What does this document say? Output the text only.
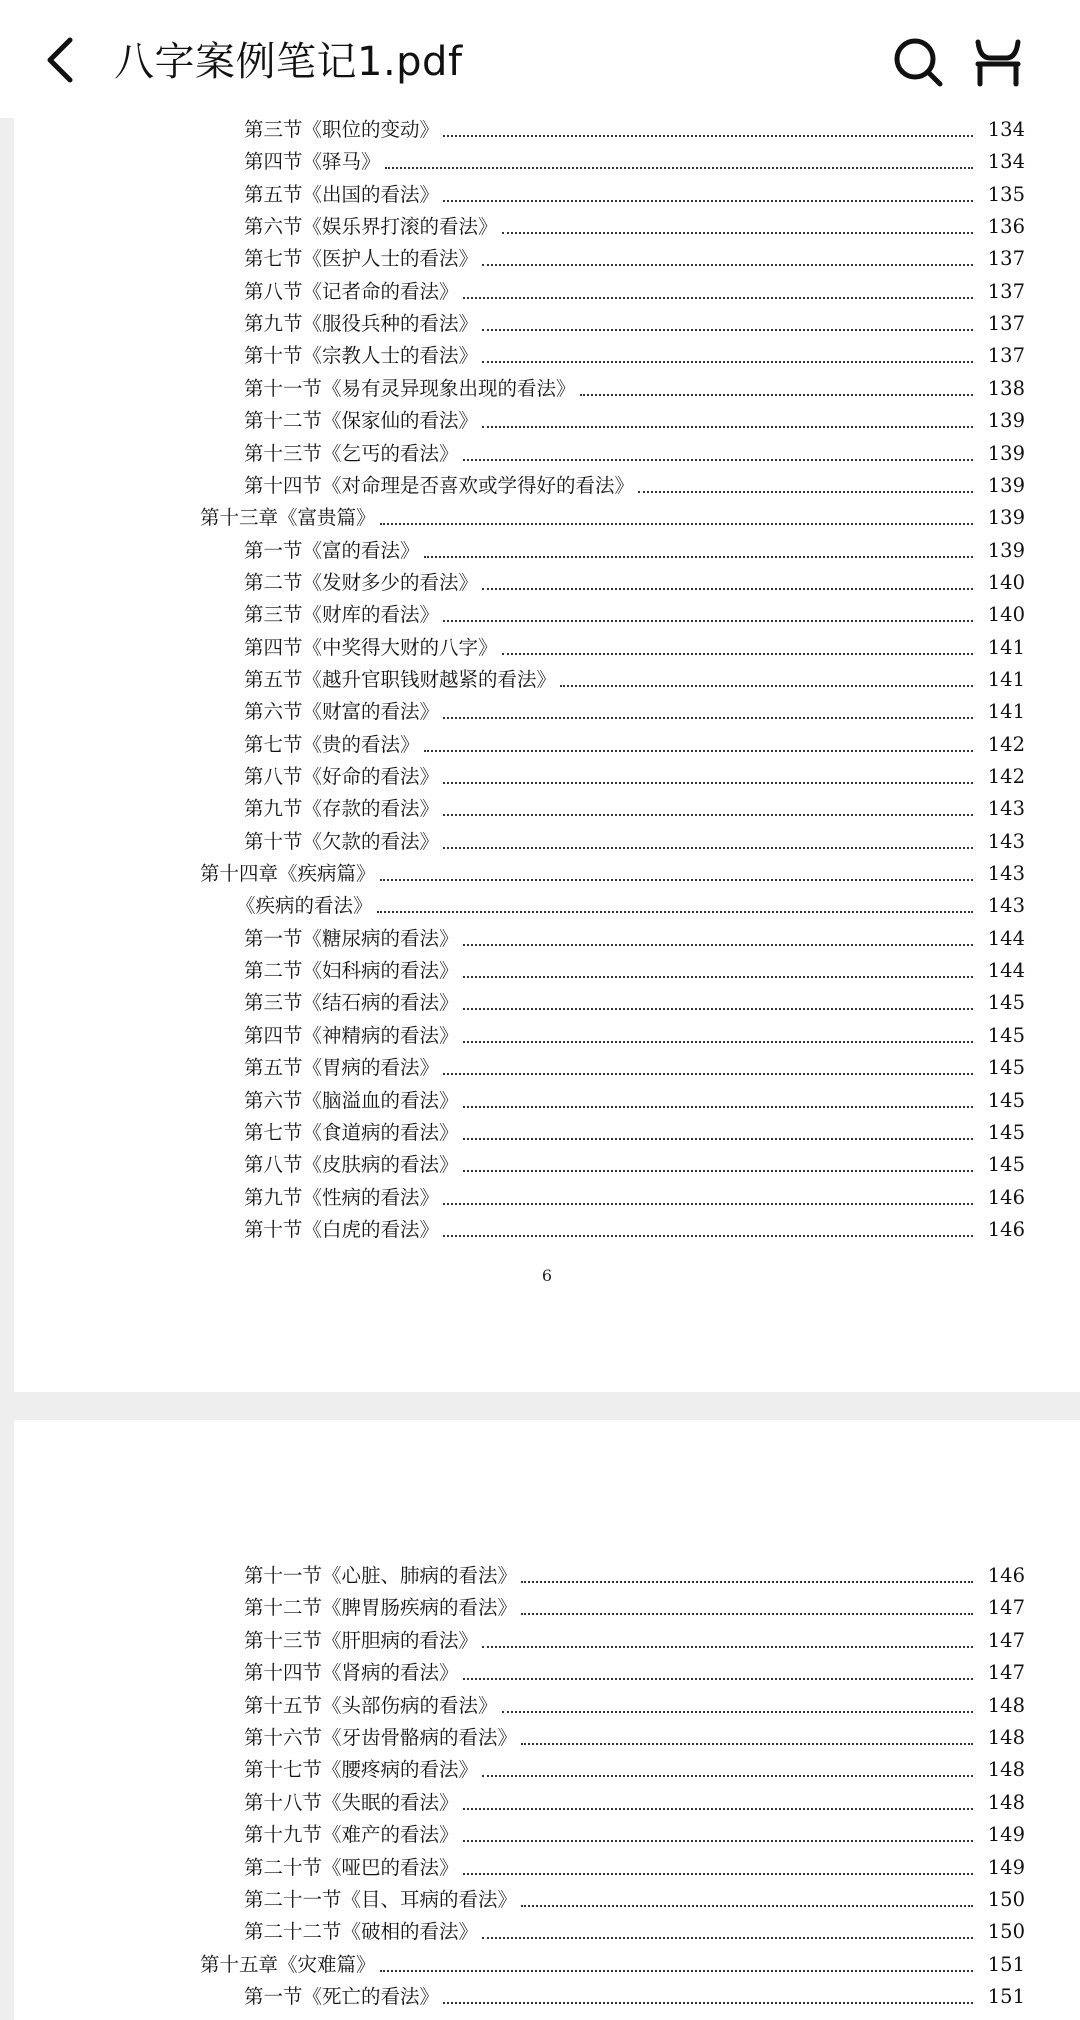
八字案例笔记1.pdf
第三节《职位的变动》	134
第四节《驿马》	134
第五节《出国的看法》	135
第六节《娱乐界打滚的看法》	136
第七节《医护人士的看法》	137
第八节《记者命的看法》	137
第九节《服役兵种的看法》	137
第十节《宗教人士的看法》	137
第十一节《易有灵异现象出现的看法》	138
第十二节《保家仙的看法》	139
第十三节《乞丐的看法》	139
第十四节《对命理是否喜欢或学得好的看法》	139
第十三章《富贵篇》	139
第一节《富的看法》	139
第二节《发财多少的看法》	140
第三节《财库的看法》	140
第四节《中奖得大财的八字》	141
第五节《越升官职钱财越紧的看法》	141
第六节《财富的看法》	141
第七节《贵的看法》	142
第八节《好命的看法》	142
第九节《存款的看法》	143
第十节《欠款的看法》	143
第十四章《疾病篇》	143
《疾病的看法》	143
第一节《糖尿病的看法》	144
第二节《妇科病的看法》	144
第三节《结石病的看法》	145
第四节《神精病的看法》	145
第五节《胃病的看法》	145
第六节《脑溢血的看法》	145
第七节《食道病的看法》	145
第八节《皮肤病的看法》	145
第九节《性病的看法》	146
第十节《白虎的看法》	146
6
第十一节《心脏、肺病的看法》	146
第十二节《脾胃肠疾病的看法》	147
第十三节《肝胆病的看法》	147
第十四节《肾病的看法》	147
第十五节《头部伤病的看法》	148
第十六节《牙齿骨骼病的看法》	148
第十七节《腰疼病的看法》	148
第十八节《失眠的看法》	148
第十九节《难产的看法》	149
第二十节《哑巴的看法》	149
第二十一节《目、耳病的看法》	150
第二十二节《破相的看法》	150
第十五章《灾难篇》	151
第一节《死亡的看法》	151
